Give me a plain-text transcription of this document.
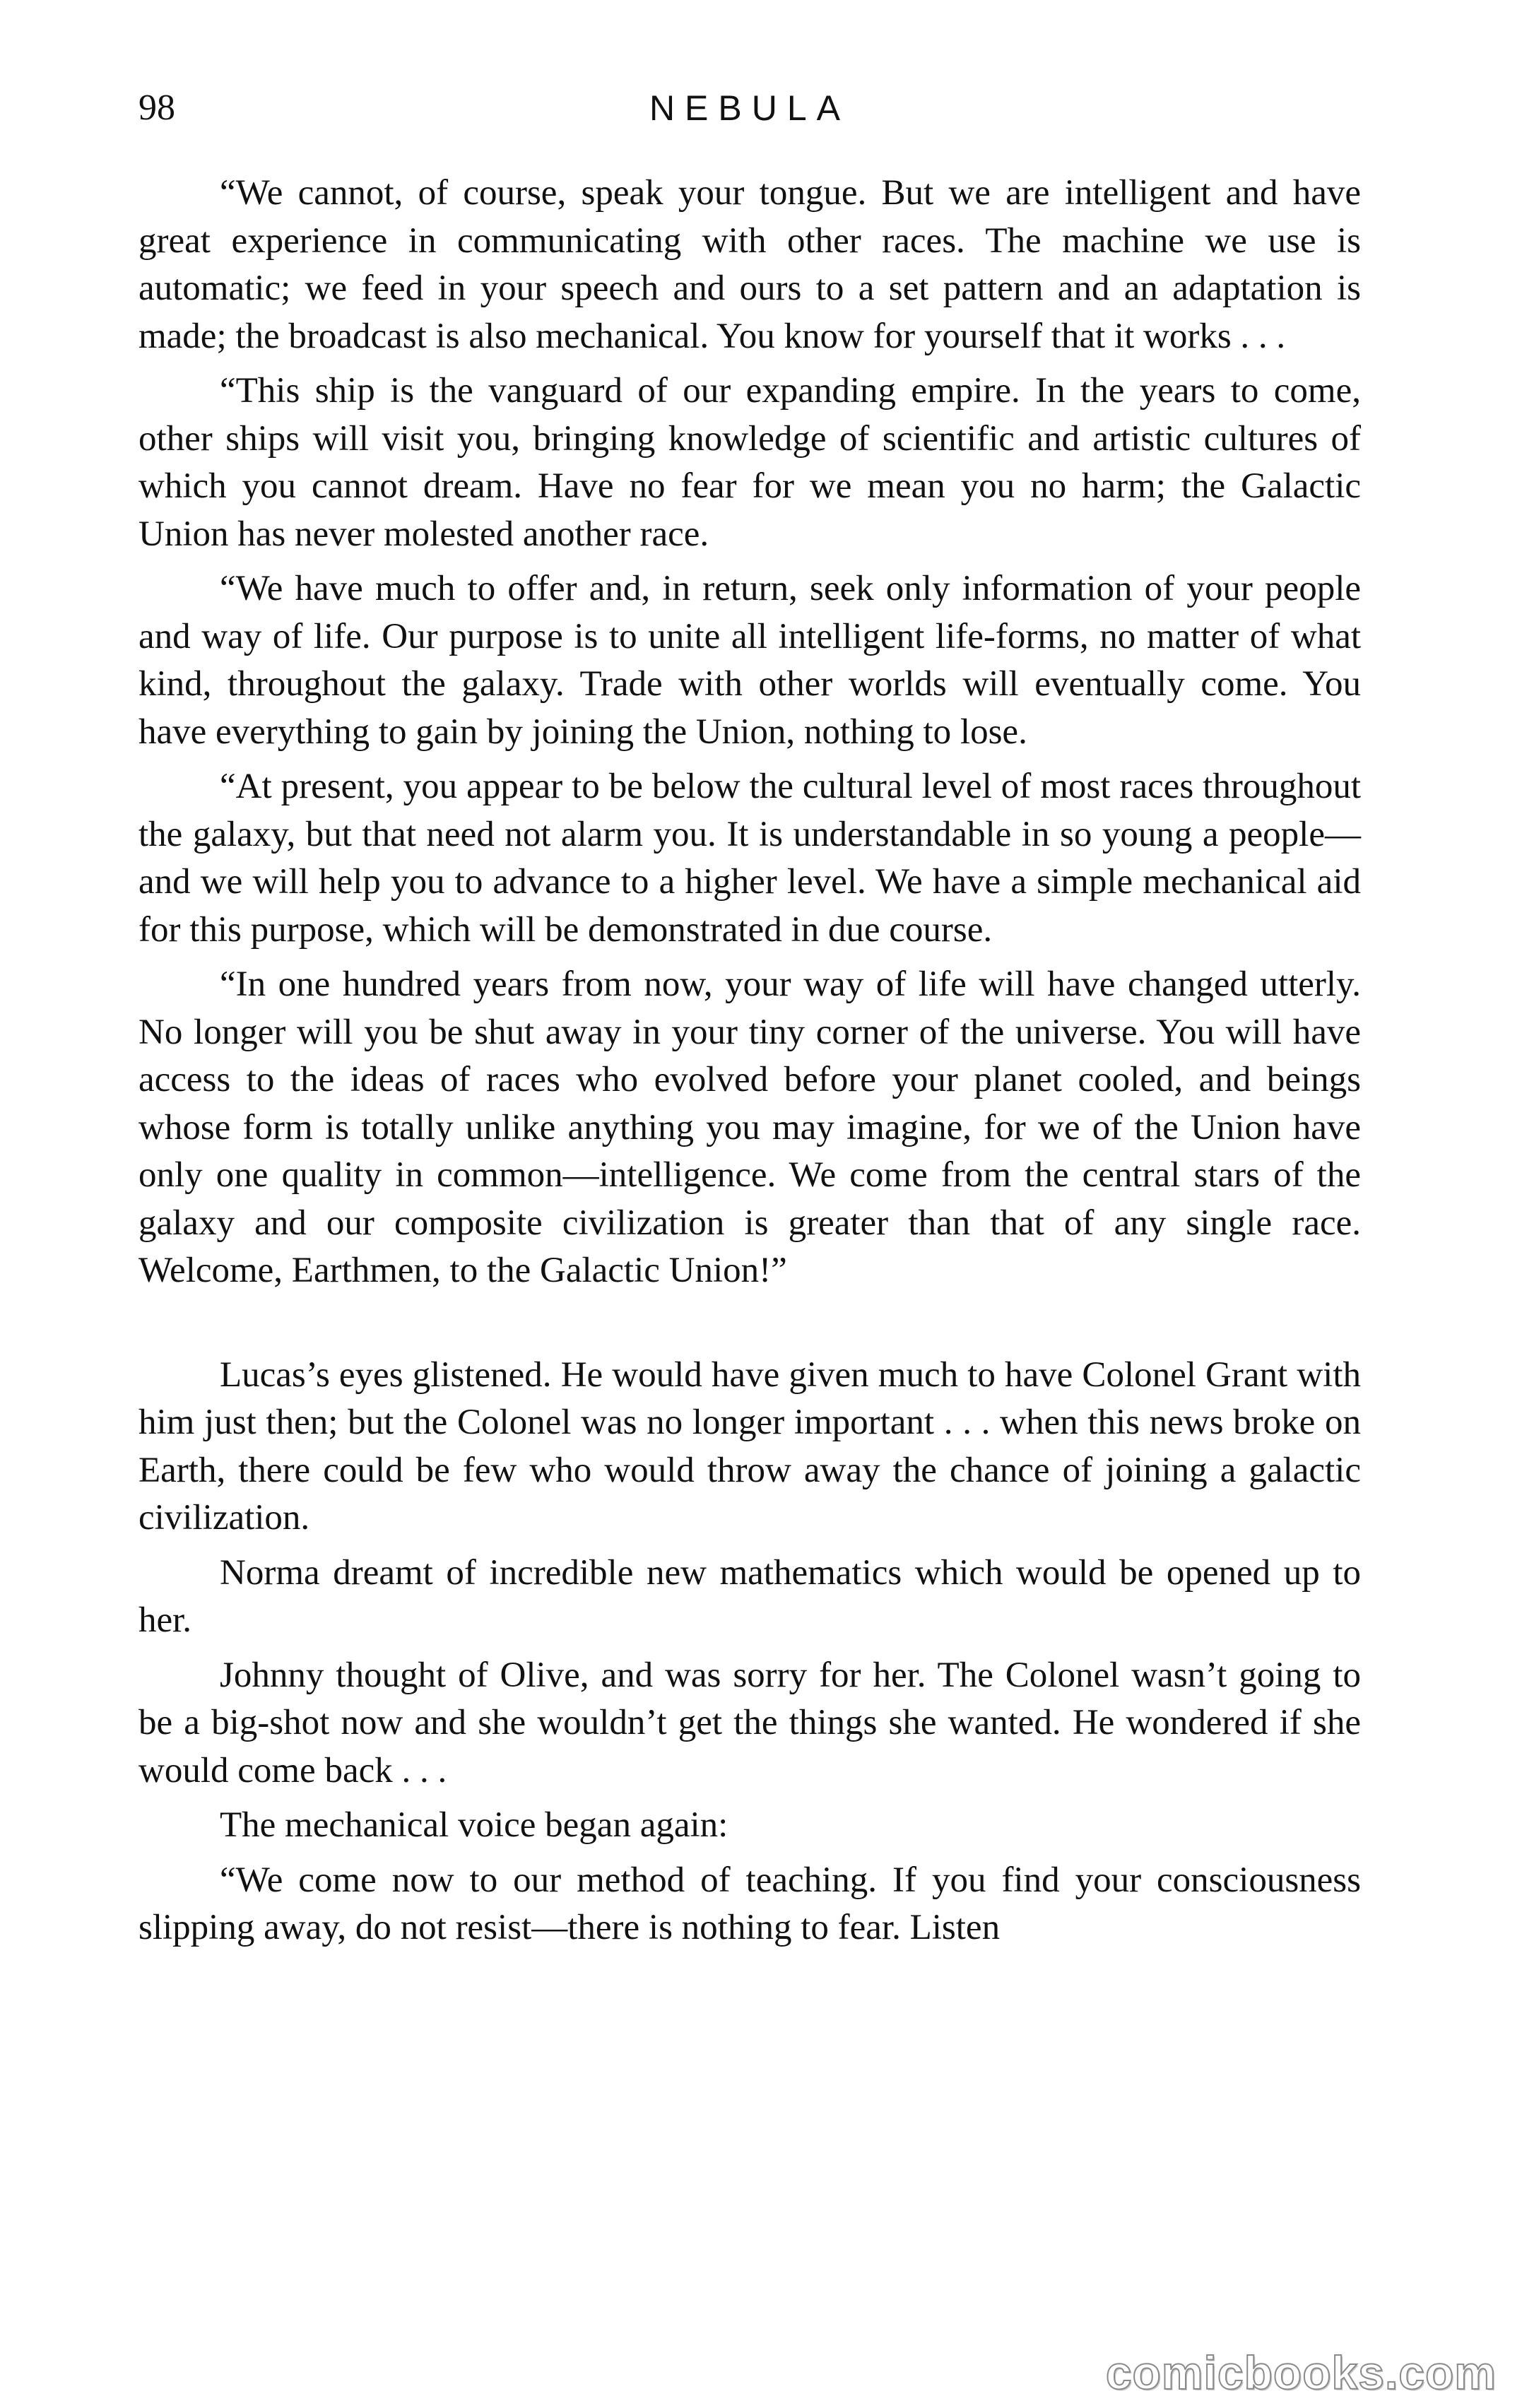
98	NEBULA

“We cannot, of course, speak your tongue. But we are intelligent and have great experience in communicating with other races. The machine we use is automatic; we feed in your speech and ours to a set pattern and an adaptation is made; the broadcast is also mechanical. You know for yourself that it works . . .

“This ship is the vanguard of our expanding empire. In the years to come, other ships will visit you, bringing knowledge of scientific and artistic cultures of which you cannot dream. Have no fear for we mean you no harm; the Galactic Union has never molested another race.

“We have much to offer and, in return, seek only information of your people and way of life. Our purpose is to unite all intelligent life-forms, no matter of what kind, throughout the galaxy. Trade with other worlds will eventually come. You have everything to gain by joining the Union, nothing to lose.

“At present, you appear to be below the cultural level of most races throughout the galaxy, but that need not alarm you. It is understandable in so young a people—and we will help you to advance to a higher level. We have a simple mechanical aid for this purpose, which will be demonstrated in due course.

“In one hundred years from now, your way of life will have changed utterly. No longer will you be shut away in your tiny corner of the universe. You will have access to the ideas of races who evolved before your planet cooled, and beings whose form is totally unlike anything you may imagine, for we of the Union have only one quality in common—intelligence. We come from the central stars of the galaxy and our composite civilization is greater than that of any single race. Welcome, Earthmen, to the Galactic Union!”

Lucas’s eyes glistened. He would have given much to have Colonel Grant with him just then; but the Colonel was no longer important . . . when this news broke on Earth, there could be few who would throw away the chance of joining a galactic civilization.

Norma dreamt of incredible new mathematics which would be opened up to her.

Johnny thought of Olive, and was sorry for her. The Colonel wasn’t going to be a big-shot now and she wouldn’t get the things she wanted. He wondered if she would come back . . .

The mechanical voice began again:

“We come now to our method of teaching. If you find your consciousness slipping away, do not resist—there is nothing to fear. Listen

comicbooks.com
